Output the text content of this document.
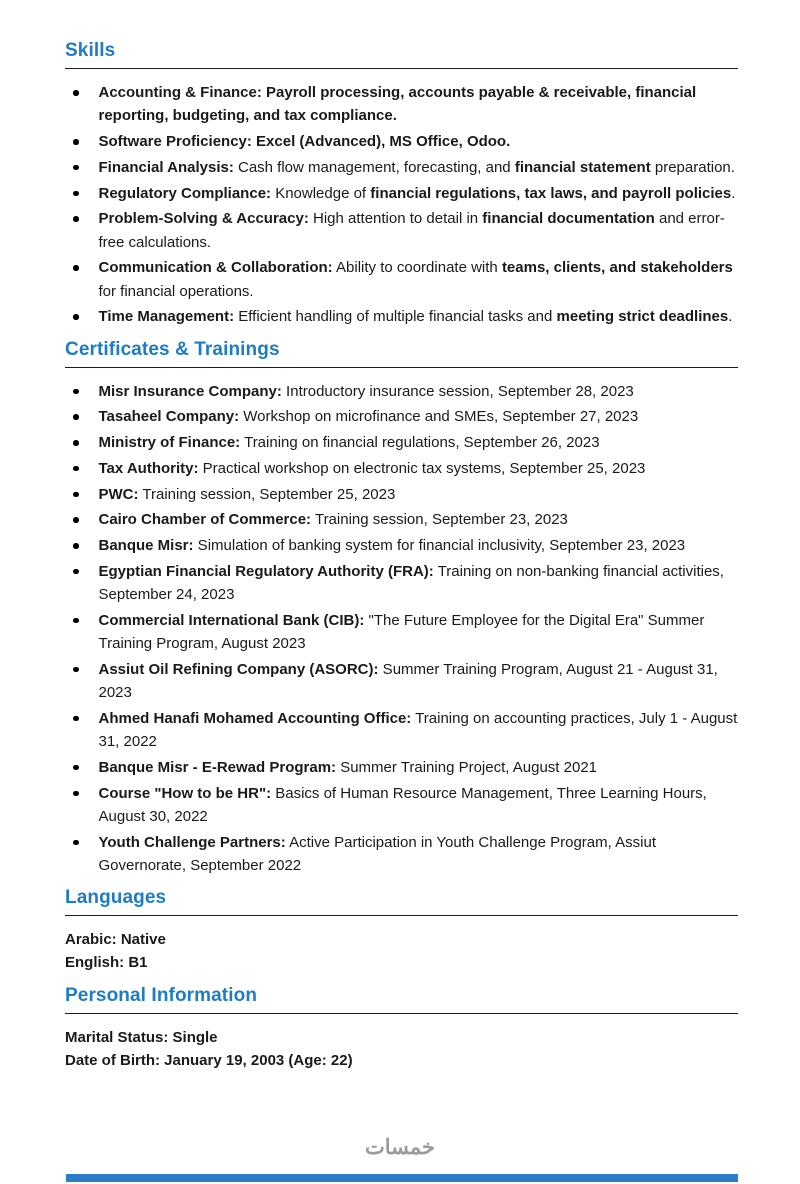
Skills
Accounting & Finance: Payroll processing, accounts payable & receivable, financial reporting, budgeting, and tax compliance.
Software Proficiency: Excel (Advanced), MS Office, Odoo.
Financial Analysis: Cash flow management, forecasting, and financial statement preparation.
Regulatory Compliance: Knowledge of financial regulations, tax laws, and payroll policies.
Problem-Solving & Accuracy: High attention to detail in financial documentation and error-free calculations.
Communication & Collaboration: Ability to coordinate with teams, clients, and stakeholders for financial operations.
Time Management: Efficient handling of multiple financial tasks and meeting strict deadlines.
Certificates & Trainings
Misr Insurance Company: Introductory insurance session, September 28, 2023
Tasaheel Company: Workshop on microfinance and SMEs, September 27, 2023
Ministry of Finance: Training on financial regulations, September 26, 2023
Tax Authority: Practical workshop on electronic tax systems, September 25, 2023
PWC: Training session, September 25, 2023
Cairo Chamber of Commerce: Training session, September 23, 2023
Banque Misr: Simulation of banking system for financial inclusivity, September 23, 2023
Egyptian Financial Regulatory Authority (FRA): Training on non-banking financial activities, September 24, 2023
Commercial International Bank (CIB): "The Future Employee for the Digital Era" Summer Training Program, August 2023
Assiut Oil Refining Company (ASORC): Summer Training Program, August 21 - August 31, 2023
Ahmed Hanafi Mohamed Accounting Office: Training on accounting practices, July 1 - August 31, 2022
Banque Misr - E-Rewad Program: Summer Training Project, August 2021
Course "How to be HR": Basics of Human Resource Management, Three Learning Hours, August 30, 2022
Youth Challenge Partners: Active Participation in Youth Challenge Program, Assiut Governorate, September 2022
Languages

Arabic: Native

English: B1

Personal Information

Marital Status: Single

Date of Birth: January 19, 2003 (Age: 22)

خمسات
